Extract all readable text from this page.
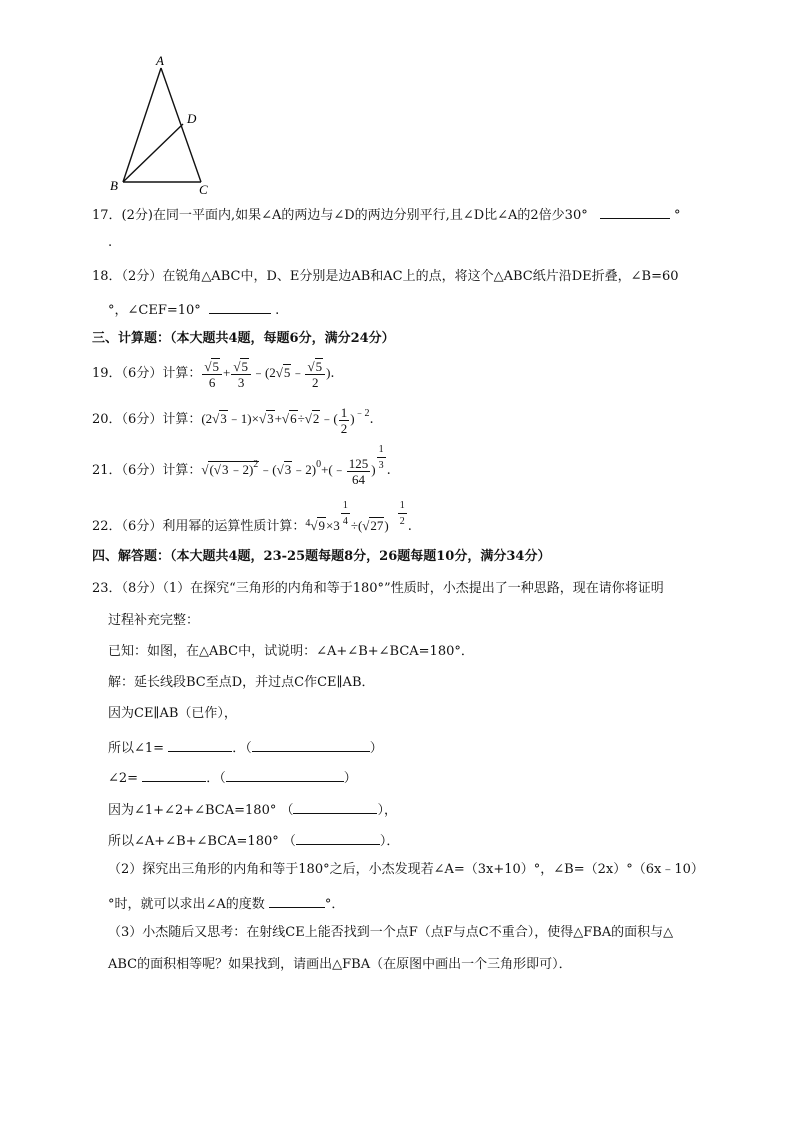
A
D
B	C
17．(2分)在同一平面内,如果∠A的两边与∠D的两边分别平行,且∠D比∠A的2倍少30°	°
.
18．（2分）在锐角△ABC中，D、E分别是边AB和AC上的点，将这个△ABC纸片沿DE折叠，∠B=60
°，∠CEF=10°	.
三、计算题：（本大题共4题，每题6分，满分24分）
19．（6分）计算： $\frac{√5}{6} + \frac{√5}{3}$ ﹣(2√5﹣ $\frac{√5}{2}$ ).
20．（6分）计算：(2√3﹣1)×√3+√6÷√2﹣( $\frac{1}{2} )^{﹣2}$.
21．（6分）计算：√(√3﹣2)$^2$﹣(√3﹣2)$^0$+(﹣ $\frac{125}{64}$ ) $^{\frac{1}{3}}$ .
22．（6分）利用幂的运算性质计算：$^4$√9×3 $^{\frac{1}{4}}$ ÷(√27) $^{\frac{1}{2}}$ .
四、解答题：（本大题共4题，23-25题每题8分，26题每题10分，满分34分）
23．（8分）（1）在探究“三角形的内角和等于180°”性质时，小杰提出了一种思路，现在请你将证明
过程补充完整：
已知：如图，在△ABC中，试说明：∠A+∠B+∠BCA=180°．
解：延长线段BC至点D，并过点C作CE∥AB．
因为CE∥AB（已作），
所以∠1=	．（	）
∠2=	．（	）
因为∠1+∠2+∠BCA=180° （	），
所以∠A+∠B+∠BCA=180° （	）．
（2）探究出三角形的内角和等于180°之后，小杰发现若∠A=（3x+10）°，∠B=（2x）°（6x﹣10）
°时，就可以求出∠A的度数	°．
（3）小杰随后又思考：在射线CE上能否找到一个点F（点F与点C不重合），使得△FBA的面积与△
ABC的面积相等呢？如果找到，请画出△FBA（在原图中画出一个三角形即可）．
